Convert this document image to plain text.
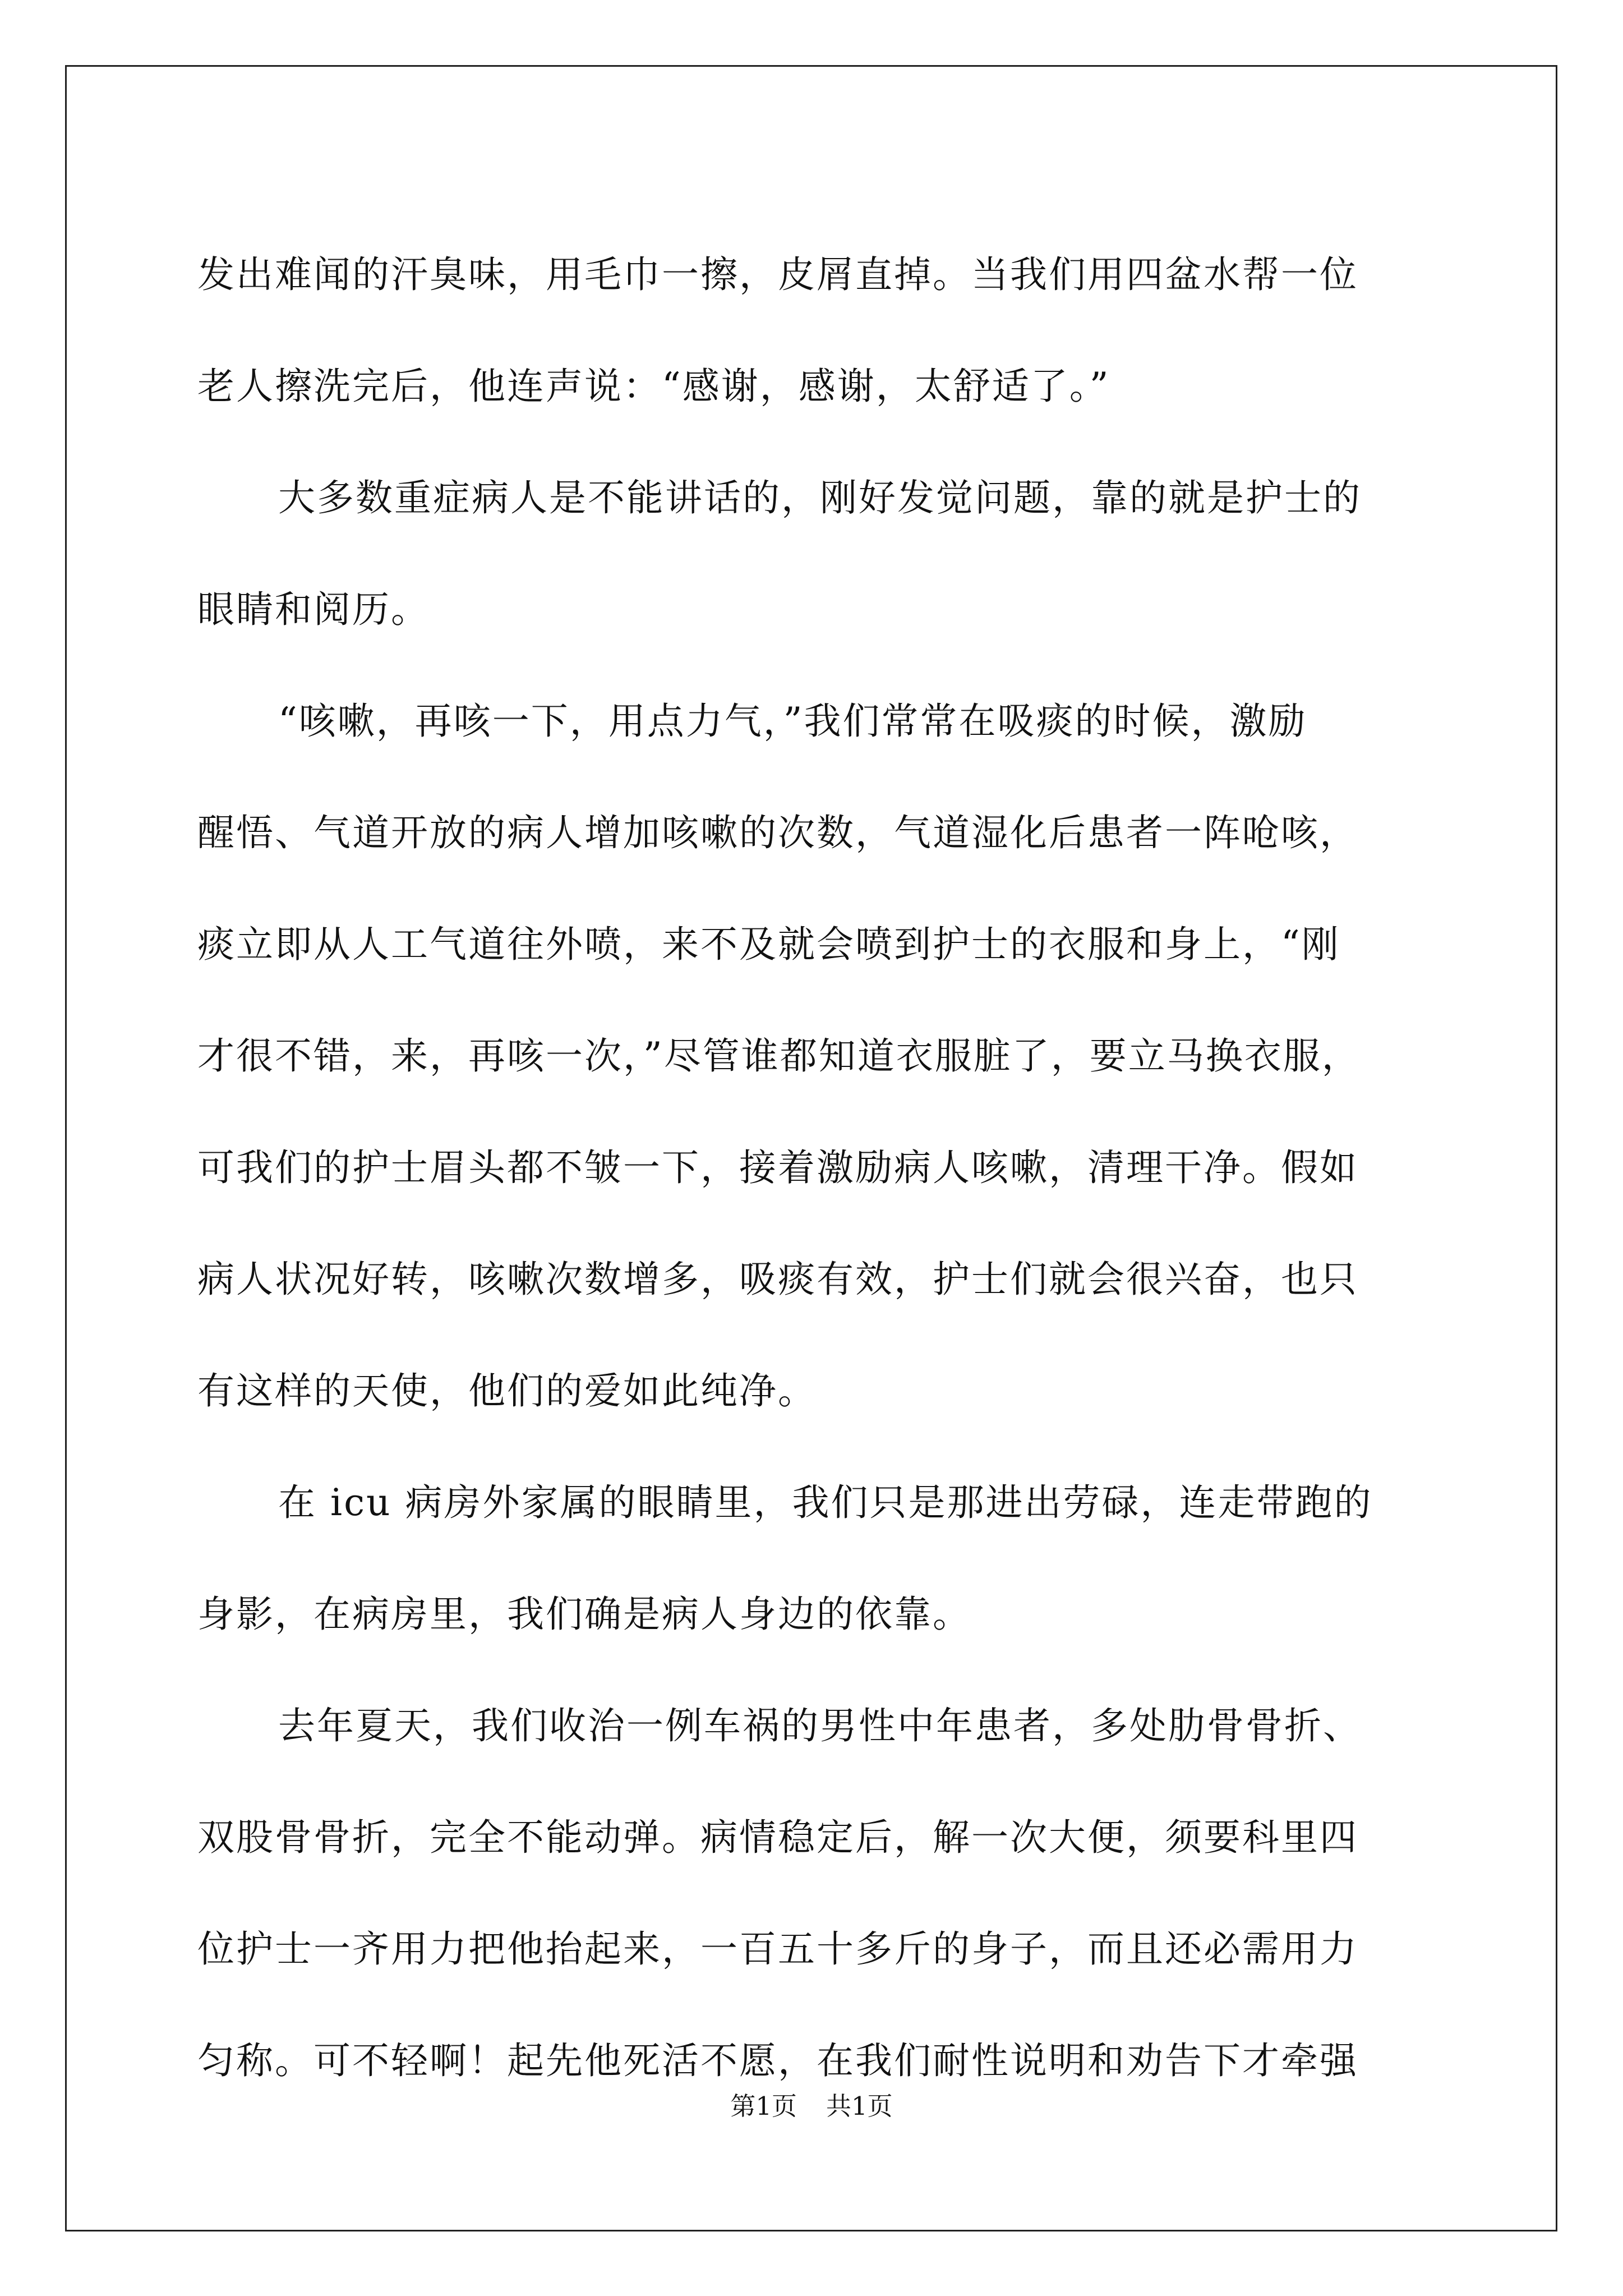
发出难闻的汗臭味，用毛巾一擦，皮屑直掉。当我们用四盆水帮一位
老人擦洗完后，他连声说：“感谢，感谢，太舒适了。”
大多数重症病人是不能讲话的，刚好发觉问题，靠的就是护士的
眼睛和阅历。
“咳嗽，再咳一下，用点力气，”我们常常在吸痰的时候，激励
醒悟、气道开放的病人增加咳嗽的次数，气道湿化后患者一阵呛咳，
痰立即从人工气道往外喷，来不及就会喷到护士的衣服和身上，“刚
才很不错，来，再咳一次，”尽管谁都知道衣服脏了，要立马换衣服，
可我们的护士眉头都不皱一下，接着激励病人咳嗽，清理干净。假如
病人状况好转，咳嗽次数增多，吸痰有效，护士们就会很兴奋，也只
有这样的天使，他们的爱如此纯净。
在 icu 病房外家属的眼睛里，我们只是那进出劳碌，连走带跑的
身影，在病房里，我们确是病人身边的依靠。
去年夏天，我们收治一例车祸的男性中年患者，多处肋骨骨折、
双股骨骨折，完全不能动弹。病情稳定后，解一次大便，须要科里四
位护士一齐用力把他抬起来，一百五十多斤的身子，而且还必需用力
匀称。可不轻啊！起先他死活不愿，在我们耐性说明和劝告下才牵强
第1页 共1页
